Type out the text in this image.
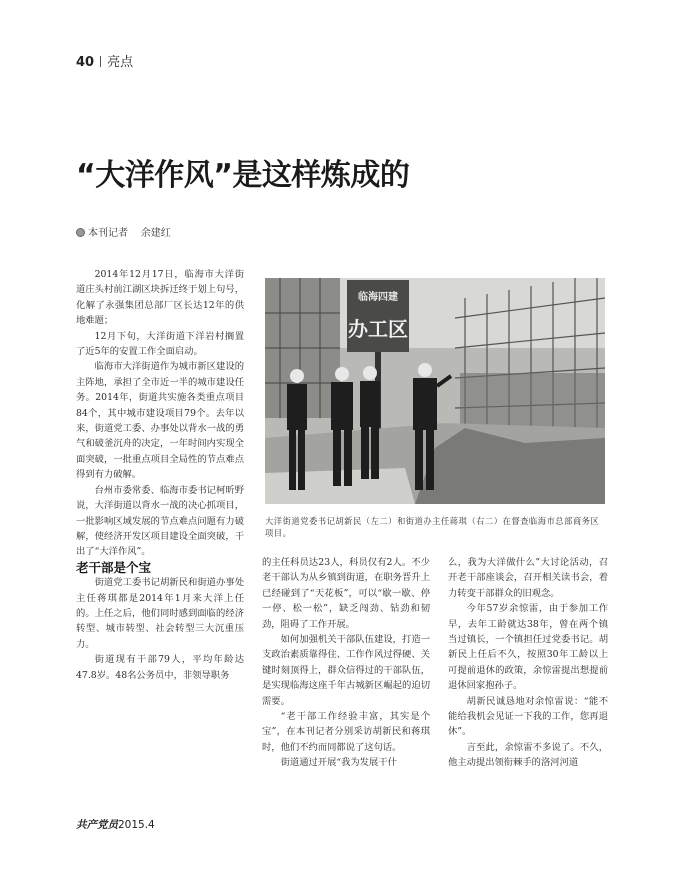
40 亮点
“大洋作风”是这样炼成的
本刊记者 余建红

2014年12月17日，临海市大洋街道庄头村前江湖区块拆迁终于划上句号，化解了永强集团总部厂区长达12年的供地难题；

12月下旬，大洋街道下洋岩村搁置了近5年的安置工作全面启动。

临海市大洋街道作为城市新区建设的主阵地，承担了全市近一半的城市建设任务。2014年，街道共实施各类重点项目84个，其中城市建设项目79个。去年以来，街道党工委、办事处以背水一战的勇气和破釜沉舟的决定，一年时间内实现全面突破，一批重点项目全局性的节点难点得到有力破解。

台州市委常委、临海市委书记柯昕野说，大洋街道以背水一战的决心抓项目，一批影响区域发展的节点难点问题有力破解，使经济开发区项目建设全面突破，干出了“大洋作风”。

老干部是个宝

街道党工委书记胡新民和街道办事处主任蒋琪都是2014年1月来大洋上任的。上任之后，他们同时感到面临的经济转型、城市转型、社会转型三大沉重压力。

街道现有干部79人，平均年龄达47.8岁。48名公务员中，非领导职务

临海四建
办工区
大洋街道党委书记胡新民（左二）和街道办主任蒋琪（右二）在督查临海市总部商务区项目。

的主任科员达23人，科员仅有2人。不少老干部认为从乡镇到街道，在职务晋升上已经碰到了“天花板”，可以“歇一歇、停一停、松一松”，缺乏闯劲、钻劲和韧劲，阻碍了工作开展。

如何加强机关干部队伍建设，打造一支政治素质靠得住、工作作风过得硬、关键时刻顶得上，群众信得过的干部队伍，是实现临海这座千年古城新区崛起的迫切需要。

“老干部工作经验丰富，其实是个宝”，在本刊记者分别采访胡新民和蒋琪时，他们不约而同都说了这句话。

街道通过开展“我为发展干什

么，我为大洋做什么”大讨论活动，召开老干部座谈会，召开相关读书会，着力转变干部群众的旧观念。

今年57岁余惊雷，由于参加工作早，去年工龄就达38年，曾在两个镇当过镇长，一个镇担任过党委书记。胡新民上任后不久，按照30年工龄以上可提前退休的政策，余惊雷提出想提前退休回家抱孙子。

胡新民诚恳地对余惊雷说：“能不能给我机会见证一下我的工作，您再退休”。

言至此，余惊雷不多说了。不久，他主动提出领衔棘手的洛河河道

共产党员2015.4
